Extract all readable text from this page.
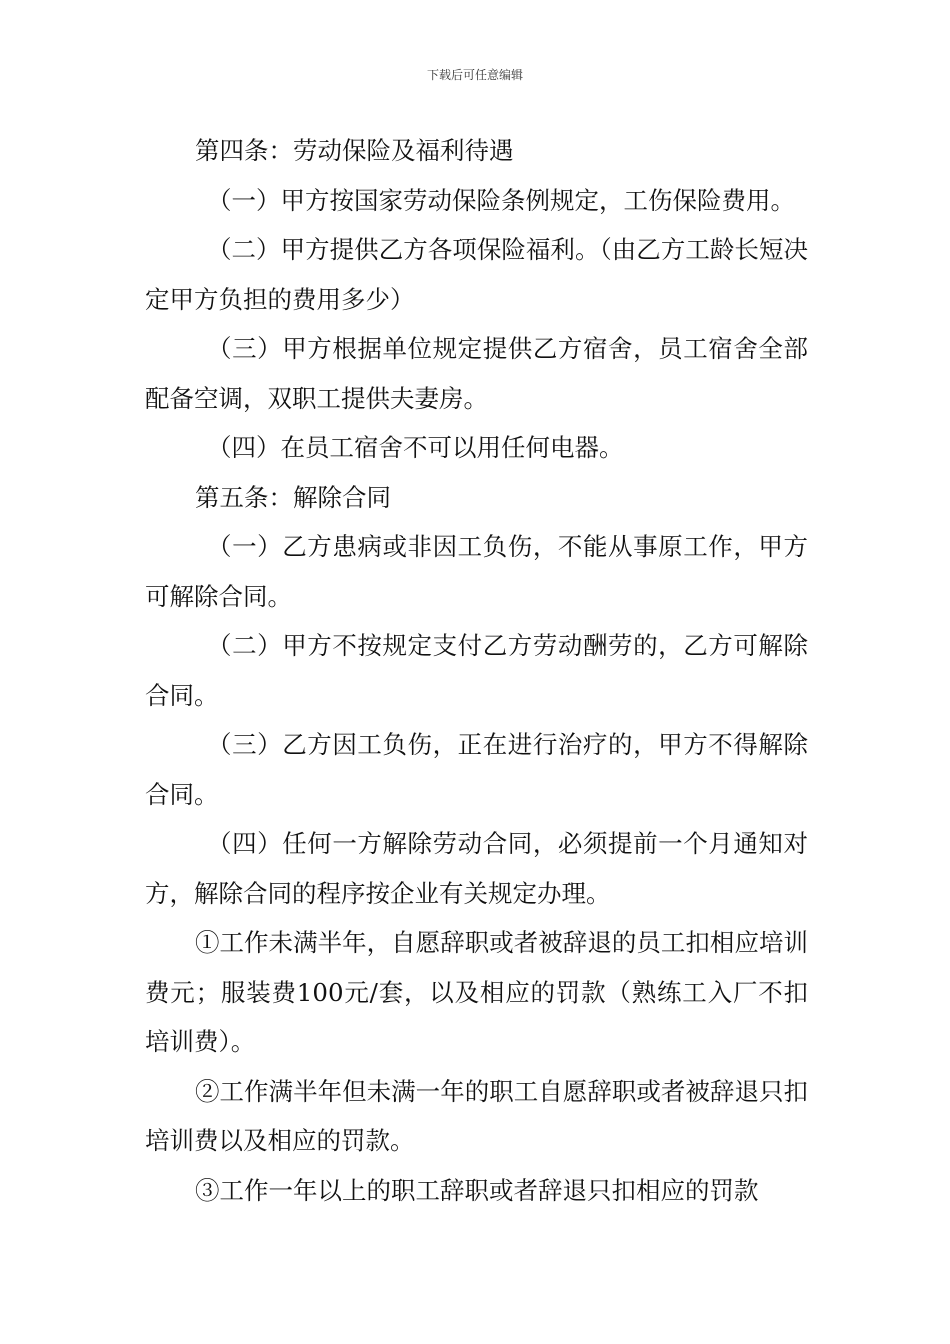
下载后可任意编辑

第四条：劳动保险及福利待遇

（一）甲方按国家劳动保险条例规定，工伤保险费用。

（二）甲方提供乙方各项保险福利。（由乙方工龄长短决定甲方负担的费用多少）

（三）甲方根据单位规定提供乙方宿舍，员工宿舍全部配备空调，双职工提供夫妻房。

（四）在员工宿舍不可以用任何电器。

第五条：解除合同

（一）乙方患病或非因工负伤，不能从事原工作，甲方可解除合同。

（二）甲方不按规定支付乙方劳动酬劳的，乙方可解除合同。

（三）乙方因工负伤，正在进行治疗的，甲方不得解除合同。

（四）任何一方解除劳动合同，必须提前一个月通知对方，解除合同的程序按企业有关规定办理。

①工作未满半年，自愿辞职或者被辞退的员工扣相应培训费元；服装费100元/套，以及相应的罚款（熟练工入厂不扣培训费）。

②工作满半年但未满一年的职工自愿辞职或者被辞退只扣培训费以及相应的罚款。

③工作一年以上的职工辞职或者辞退只扣相应的罚款
